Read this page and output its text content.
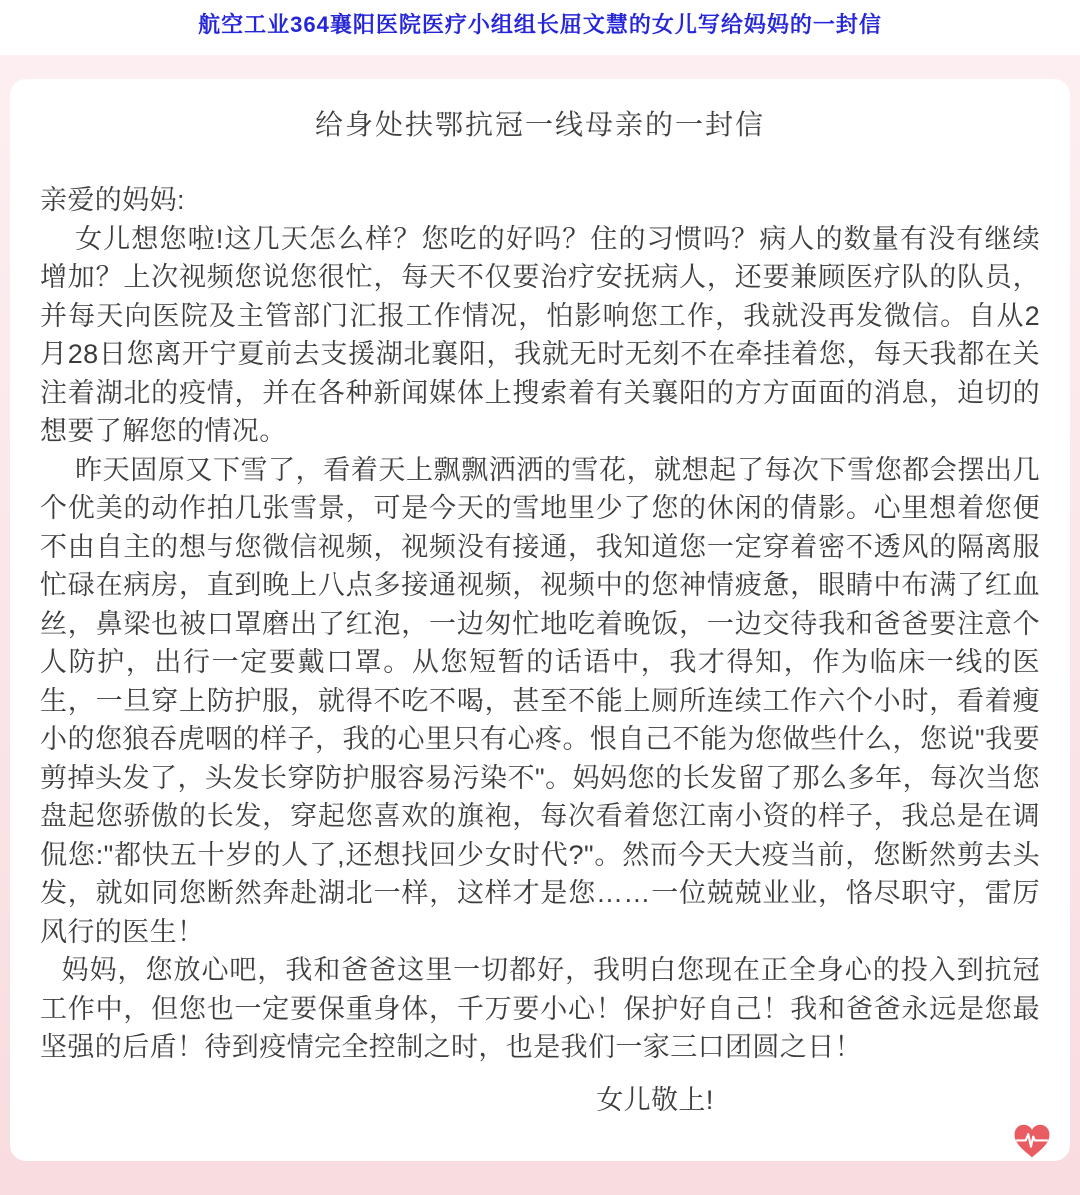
航空工业364襄阳医院医疗小组组长屈文慧的女儿写给妈妈的一封信
给身处扶鄂抗冠一线母亲的一封信

亲爱的妈妈:

女儿想您啦!这几天怎么样？您吃的好吗？住的习惯吗？病人的数量有没有继续增加？上次视频您说您很忙，每天不仅要治疗安抚病人，还要兼顾医疗队的队员，并每天向医院及主管部门汇报工作情况，怕影响您工作，我就没再发微信。自从2月28日您离开宁夏前去支援湖北襄阳，我就无时无刻不在牵挂着您，每天我都在关注着湖北的疫情，并在各种新闻媒体上搜索着有关襄阳的方方面面的消息，迫切的想要了解您的情况。

昨天固原又下雪了，看着天上飘飘洒洒的雪花，就想起了每次下雪您都会摆出几个优美的动作拍几张雪景，可是今天的雪地里少了您的休闲的倩影。心里想着您便不由自主的想与您微信视频，视频没有接通，我知道您一定穿着密不透风的隔离服忙碌在病房，直到晚上八点多接通视频，视频中的您神情疲惫，眼睛中布满了红血丝，鼻梁也被口罩磨出了红泡，一边匆忙地吃着晚饭，一边交待我和爸爸要注意个人防护，出行一定要戴口罩。从您短暂的话语中，我才得知，作为临床一线的医生，一旦穿上防护服，就得不吃不喝，甚至不能上厕所连续工作六个小时，看着瘦小的您狼吞虎咽的样子，我的心里只有心疼。恨自己不能为您做些什么，您说"我要剪掉头发了，头发长穿防护服容易污染不"。妈妈您的长发留了那么多年，每次当您盘起您骄傲的长发，穿起您喜欢的旗袍，每次看着您江南小资的样子，我总是在调侃您:"都快五十岁的人了,还想找回少女时代?"。然而今天大疫当前，您断然剪去头发，就如同您断然奔赴湖北一样，这样才是您……一位兢兢业业，恪尽职守，雷厉风行的医生！

妈妈，您放心吧，我和爸爸这里一切都好，我明白您现在正全身心的投入到抗冠工作中，但您也一定要保重身体，千万要小心！保护好自己！我和爸爸永远是您最坚强的后盾！待到疫情完全控制之时，也是我们一家三口团圆之日！

女儿敬上!
